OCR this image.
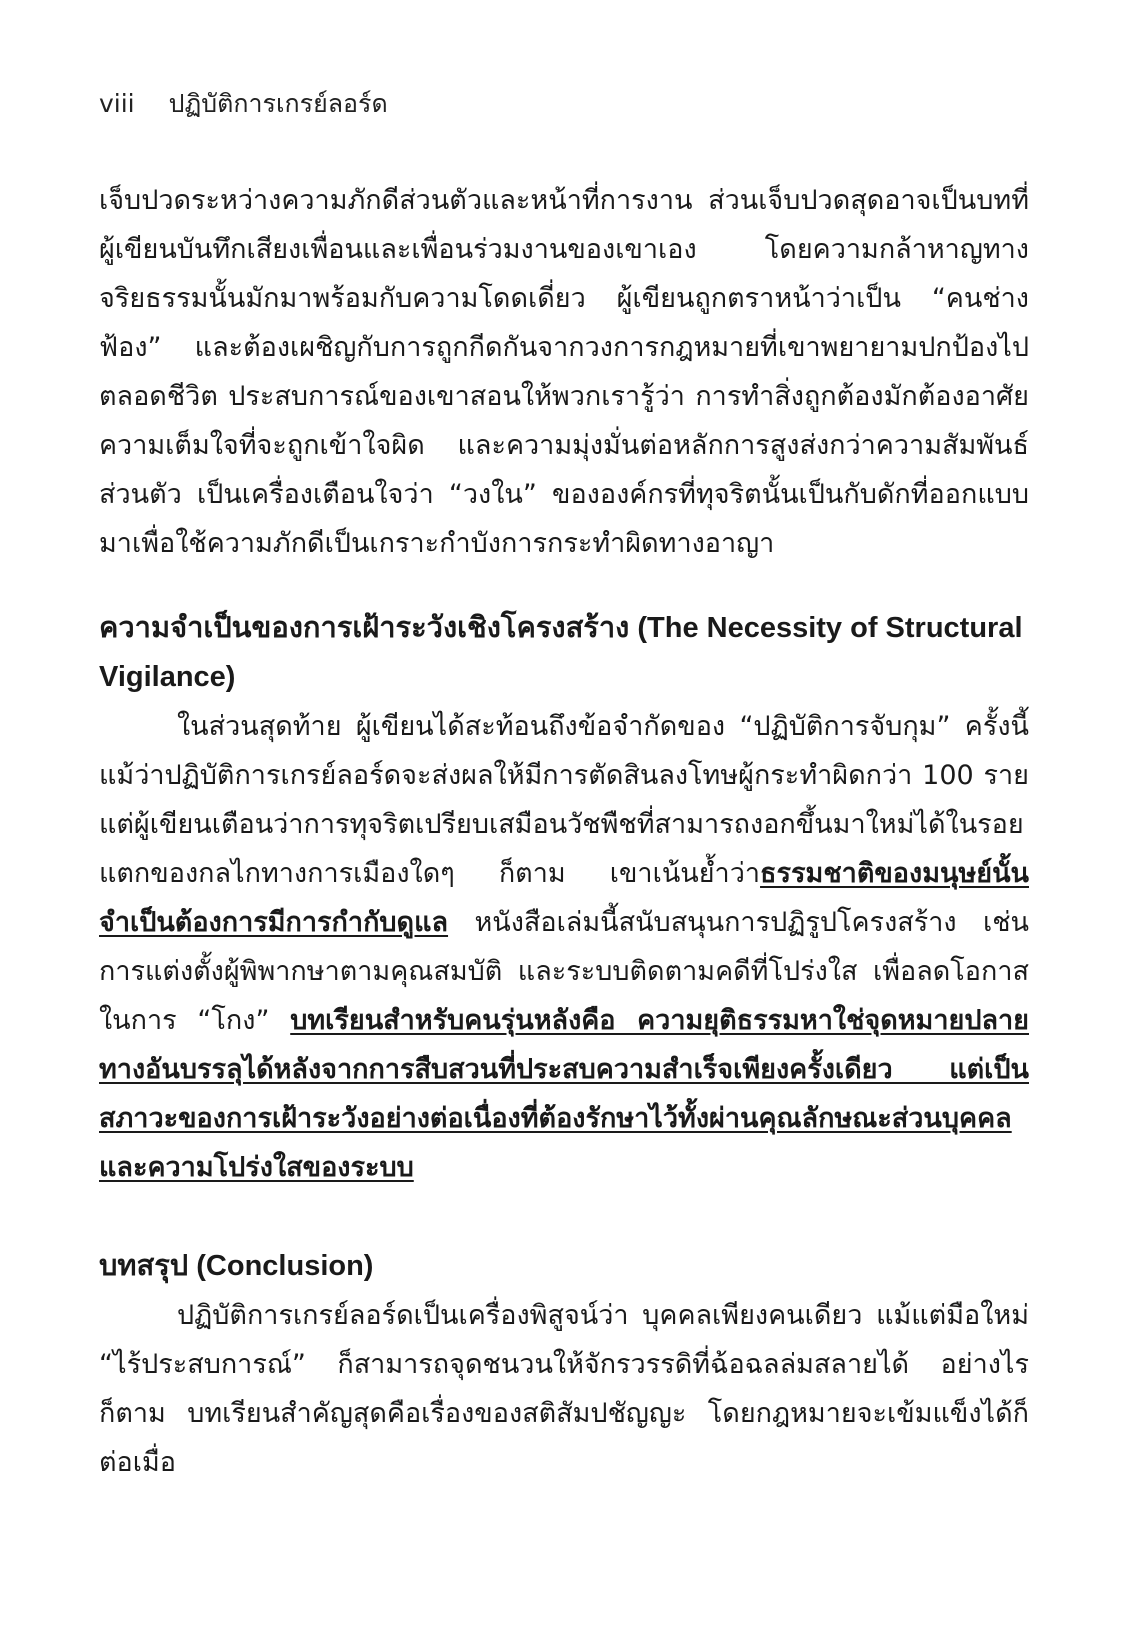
viii ปฏิบัติการเกรย์ลอร์ด

เจ็บปวดระหว่างความภักดีส่วนตัวและหน้าที่การงาน ส่วนเจ็บปวดสุดอาจเป็นบทที่ผู้เขียนบันทึกเสียงเพื่อนและเพื่อนร่วมงานของเขาเอง โดยความกล้าหาญทางจริยธรรมนั้นมักมาพร้อมกับความโดดเดี่ยว ผู้เขียนถูกตราหน้าว่าเป็น “คนช่างฟ้อง” และต้องเผชิญกับการถูกกีดกันจากวงการกฎหมายที่เขาพยายามปกป้องไปตลอดชีวิต ประสบการณ์ของเขาสอนให้พวกเรารู้ว่า การทำสิ่งถูกต้องมักต้องอาศัยความเต็มใจที่จะถูกเข้าใจผิด และความมุ่งมั่นต่อหลักการสูงส่งกว่าความสัมพันธ์ส่วนตัว เป็นเครื่องเตือนใจว่า “วงใน” ขององค์กรที่ทุจริตนั้นเป็นกับดักที่ออกแบบมาเพื่อใช้ความภักดีเป็นเกราะกำบังการกระทำผิดทางอาญา

ความจำเป็นของการเฝ้าระวังเชิงโครงสร้าง (The Necessity of Structural Vigilance)

ในส่วนสุดท้าย ผู้เขียนได้สะท้อนถึงข้อจำกัดของ “ปฏิบัติการจับกุม” ครั้งนี้ แม้ว่าปฏิบัติการเกรย์ลอร์ดจะส่งผลให้มีการตัดสินลงโทษผู้กระทำผิดกว่า 100 ราย แต่ผู้เขียนเตือนว่าการทุจริตเปรียบเสมือนวัชพืชที่สามารถงอกขึ้นมาใหม่ได้ในรอยแตกของกลไกทางการเมืองใดๆ ก็ตาม เขาเน้นย้ำว่าธรรมชาติของมนุษย์นั้นจำเป็นต้องการมีการกำกับดูแล หนังสือเล่มนี้สนับสนุนการปฏิรูปโครงสร้าง เช่น การแต่งตั้งผู้พิพากษาตามคุณสมบัติ และระบบติดตามคดีที่โปร่งใส เพื่อลดโอกาสในการ “โกง” บทเรียนสำหรับคนรุ่นหลังคือ ความยุติธรรมหาใช่จุดหมายปลายทางอันบรรลุได้หลังจากการสืบสวนที่ประสบความสำเร็จเพียงครั้งเดียว แต่เป็นสภาวะของการเฝ้าระวังอย่างต่อเนื่องที่ต้องรักษาไว้ทั้งผ่านคุณลักษณะส่วนบุคคลและความโปร่งใสของระบบ

บทสรุป (Conclusion)

ปฏิบัติการเกรย์ลอร์ดเป็นเครื่องพิสูจน์ว่า บุคคลเพียงคนเดียว แม้แต่มือใหม่ “ไร้ประสบการณ์” ก็สามารถจุดชนวนให้จักรวรรดิที่ฉ้อฉลล่มสลายได้ อย่างไรก็ตาม บทเรียนสำคัญสุดคือเรื่องของสติสัมปชัญญะ โดยกฎหมายจะเข้มแข็งได้ก็ต่อเมื่อ
